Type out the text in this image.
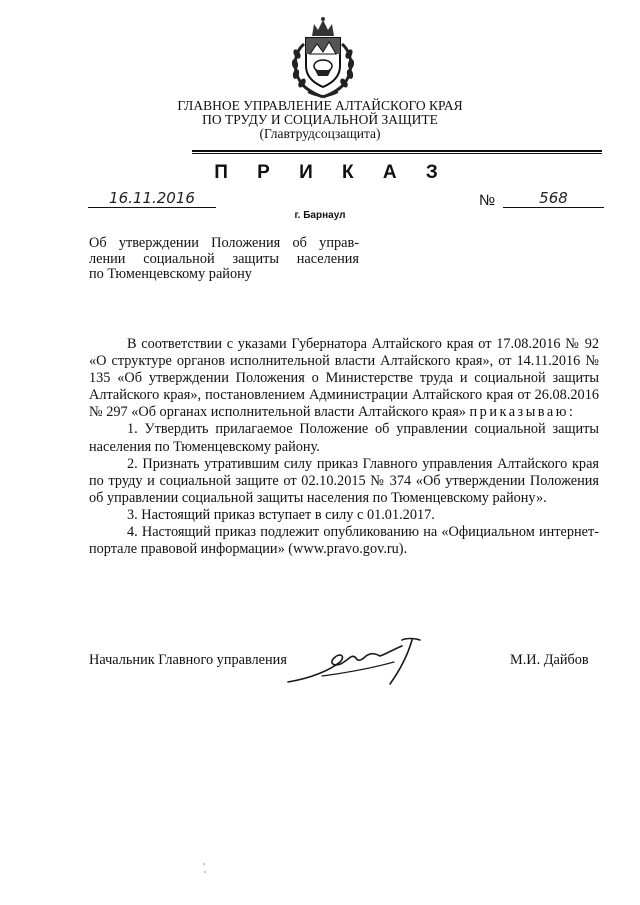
ГЛАВНОЕ УПРАВЛЕНИЕ АЛТАЙСКОГО КРАЯ
ПО ТРУДУ И СОЦИАЛЬНОЙ ЗАЩИТЕ
(Главтрудсоцзащита)
П Р И К А З
16.11.2016	№	568
г. Барнаул
Об утверждении Положения об управ-
лении социальной защиты населения
по Тюменцевскому району

В соответствии с указами Губернатора Алтайского края от 17.08.2016 № 92 «О структуре органов исполнительной власти Алтайского края», от 14.11.2016 № 135 «Об утверждении Положения о Министерстве труда и социальной защиты Алтайского края», постановлением Администрации Алтайского края от 26.08.2016 № 297 «Об органах исполнительной власти Алтайского края» приказываю:

1. Утвердить прилагаемое Положение об управлении социальной защиты населения по Тюменцевскому району.

2. Признать утратившим силу приказ Главного управления Алтайского края по труду и социальной защите от 02.10.2015 № 374 «Об утверждении Положения об управлении социальной защиты населения по Тюменцевскому району».

3. Настоящий приказ вступает в силу с 01.01.2017.

4. Настоящий приказ подлежит опубликованию на «Официальном интернет-портале правовой информации» (www.pravo.gov.ru).

Начальник Главного управления	М.И. Дайбов
